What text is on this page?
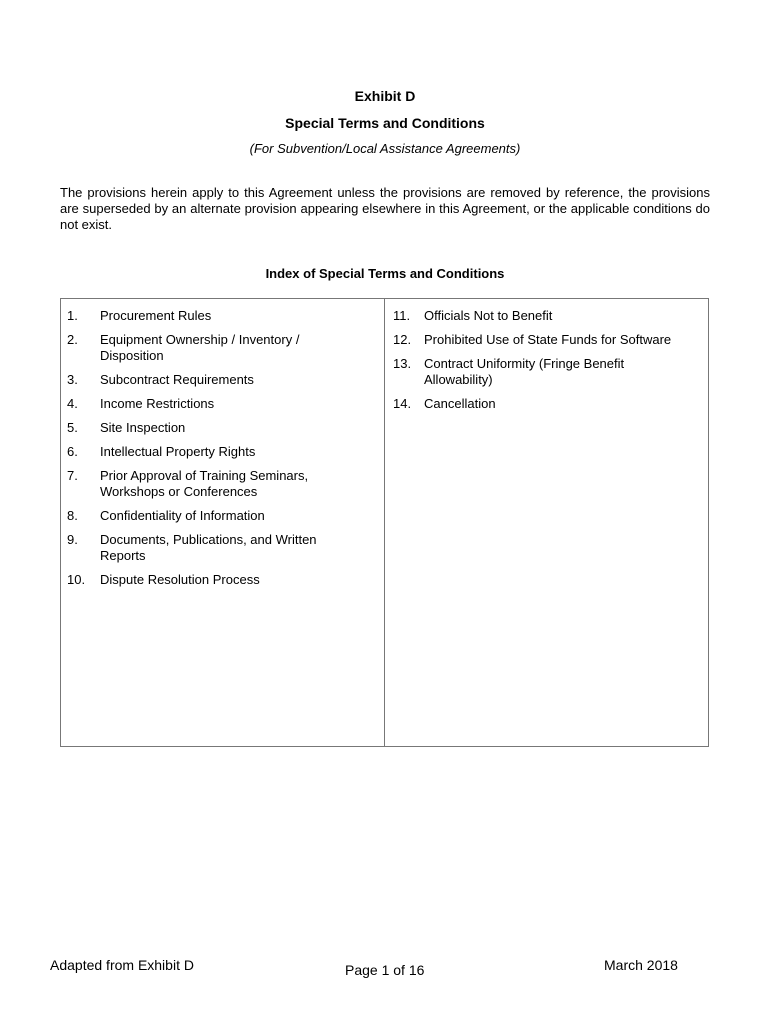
Exhibit D
Special Terms and Conditions
(For Subvention/Local Assistance Agreements)
The provisions herein apply to this Agreement unless the provisions are removed by reference, the provisions are superseded by an alternate provision appearing elsewhere in this Agreement, or the applicable conditions do not exist.
Index of Special Terms and Conditions
1.	Procurement Rules
2.	Equipment Ownership / Inventory / Disposition
3.	Subcontract Requirements
4.	Income Restrictions
5.	Site Inspection
6.	Intellectual Property Rights
7.	Prior Approval of Training Seminars, Workshops or Conferences
8.	Confidentiality of Information
9.	Documents, Publications, and Written Reports
10.	Dispute Resolution Process
11.	Officials Not to Benefit
12. Prohibited Use of State Funds for Software
13. Contract Uniformity (Fringe Benefit Allowability)
14. Cancellation
Adapted from Exhibit D	Page 1 of 16	March 2018
